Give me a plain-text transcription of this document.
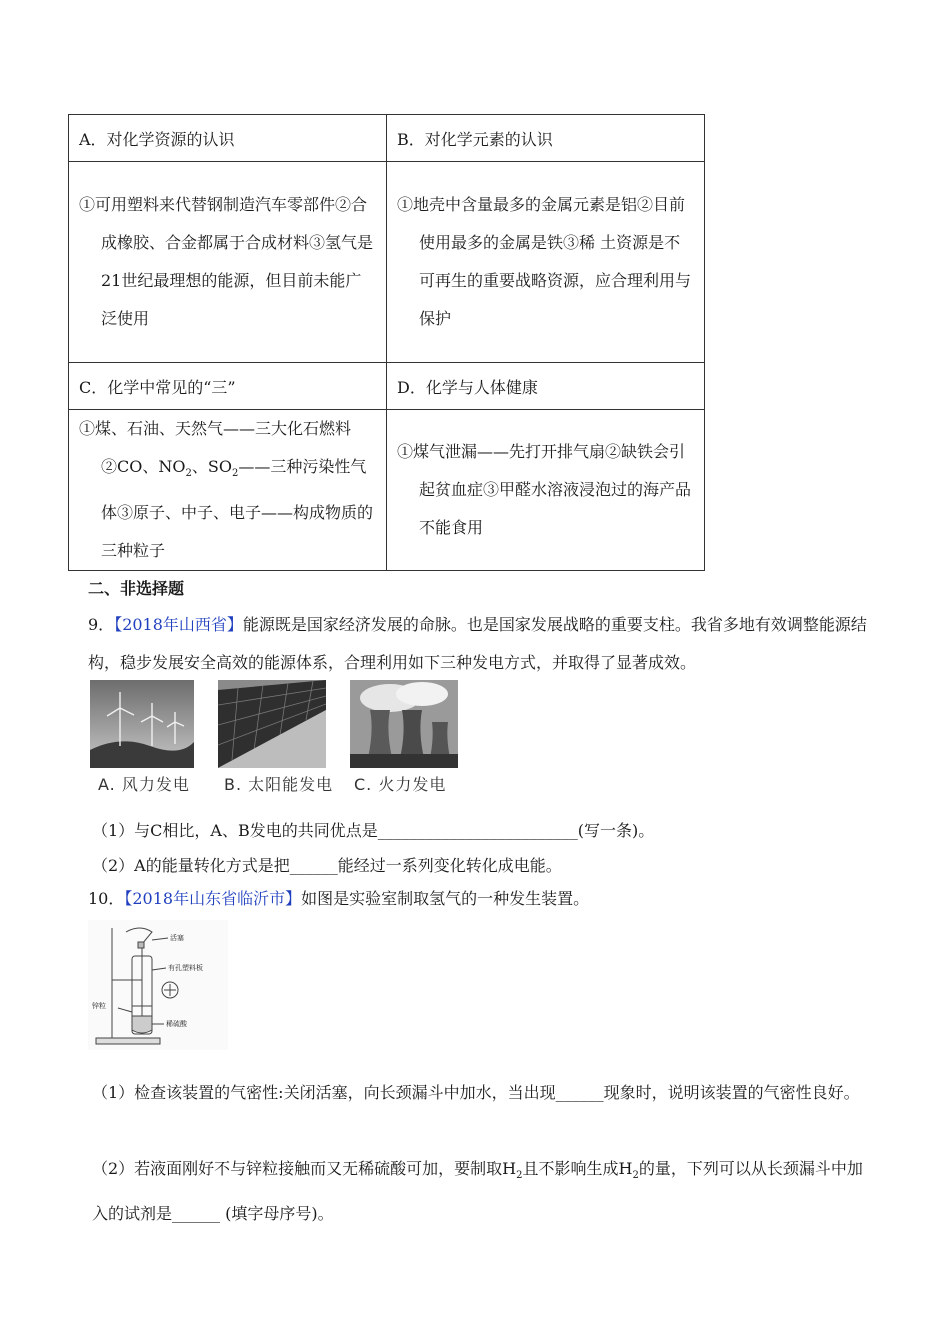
A．对化学资源的认识	B．对化学元素的认识
①可用塑料来代替钢制造汽车零部件②合成橡胶、合金都属于合成材料③氢气是21世纪最理想的能源，但目前未能广泛使用	①地壳中含量最多的金属元素是铝②目前使用最多的金属是铁③稀 土资源是不可再生的重要战略资源，应合理利用与保护
C．化学中常见的“三”	D．化学与人体健康
①煤、石油、天然气——三大化石燃料②CO、$NO_2$、$SO_2——$三种污染性气体③原子、中子、电子——构成物质的三种粒子	①煤气泄漏——先打开排气扇②缺铁会引起贫血症③甲醛水溶液浸泡过的海产品不能食用
二、非选择题
9．【2018年山西省】能源既是国家经济发展的命脉。也是国家发展战略的重要支柱。我省多地有效调整能源结构，稳步发展安全高效的能源体系，合理利用如下三种发电方式，并取得了显著成效。
A. 风力发电 B. 太阳能发电 C. 火力发电
（1）与C相比，A、B发电的共同优点是_________________________(写一条)。
（2）A的能量转化方式是把______能经过一系列变化转化成电能。
10．【2018年山东省临沂市】如图是实验室制取氢气的一种发生装置。
活塞
有孔塑料板
锌粒
稀硫酸
（1）检查该装置的气密性:关闭活塞，向长颈漏斗中加水，当出现______现象时，说明该装置的气密性良好。
（2）若液面刚好不与锌粒接触而又无稀硫酸可加，要制取$H_2$且不影响生成$H_2$的量，下列可以从长颈漏斗中加入的试剂是______ (填字母序号)。
